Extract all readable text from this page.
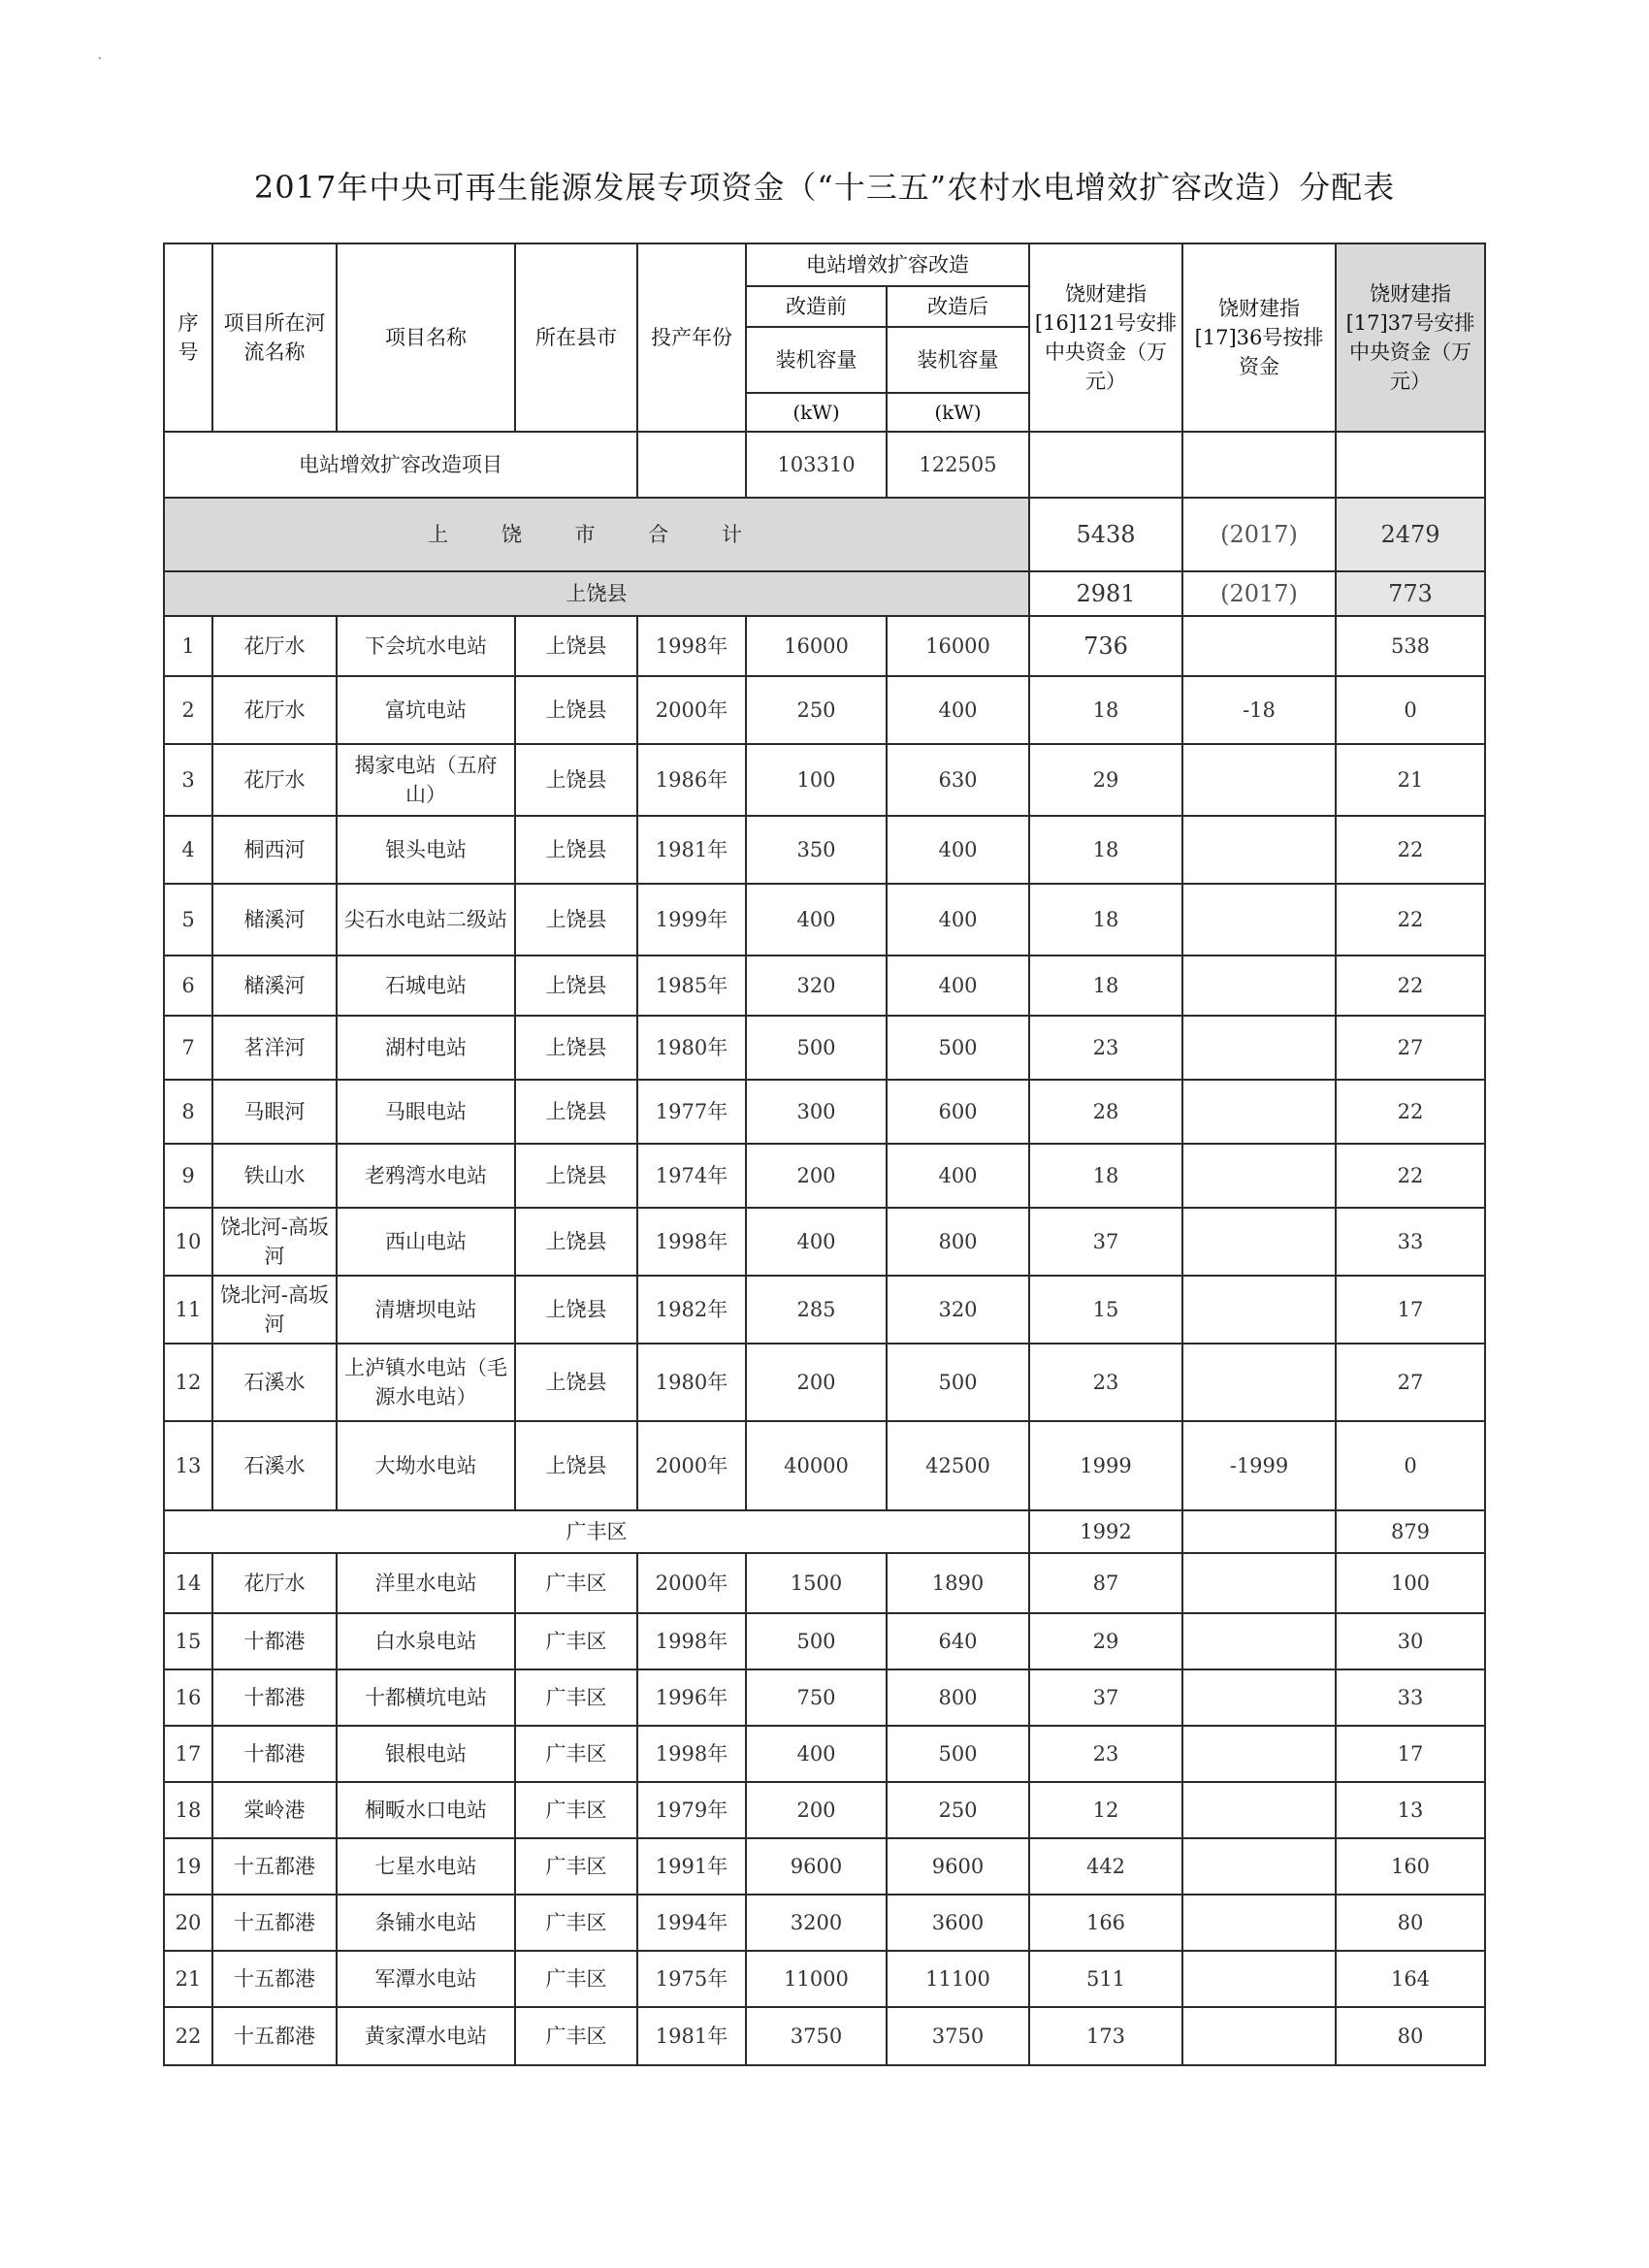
2017年中央可再生能源发展专项资金（“十三五”农村水电增效扩容改造）分配表
序号	项目所在河流名称	项目名称	所在县市	投产年份	电站增效扩容改造		饶财建指[16]121号安排中央资金（万元）	饶财建指[17]36号按排资金	饶财建指[17]37号安排中央资金（万元）
					改造前	改造后			
					装机容量	装机容量			
					(kW)	(kW)			
电站增效扩容改造项目					103310	122505			
上 饶 市 合 计							5438	(2017)	2479
上饶县							2981	(2017)	773
1	花厅水	下会坑水电站	上饶县	1998年	16000	16000	736		538
2	花厅水	富坑电站	上饶县	2000年	250	400	18	-18	0
3	花厅水	揭家电站（五府山）	上饶县	1986年	100	630	29		21
4	桐西河	银头电站	上饶县	1981年	350	400	18		22
5	槠溪河	尖石水电站二级站	上饶县	1999年	400	400	18		22
6	槠溪河	石城电站	上饶县	1985年	320	400	18		22
7	茗洋河	湖村电站	上饶县	1980年	500	500	23		27
8	马眼河	马眼电站	上饶县	1977年	300	600	28		22
9	铁山水	老鸦湾水电站	上饶县	1974年	200	400	18		22
10	饶北河-高坂河	西山电站	上饶县	1998年	400	800	37		33
11	饶北河-高坂河	清塘坝电站	上饶县	1982年	285	320	15		17
12	石溪水	上泸镇水电站（毛源水电站）	上饶县	1980年	200	500	23		27
13	石溪水	大坳水电站	上饶县	2000年	40000	42500	1999	-1999	0
广丰区							1992		879
14	花厅水	洋里水电站	广丰区	2000年	1500	1890	87		100
15	十都港	白水泉电站	广丰区	1998年	500	640	29		30
16	十都港	十都横坑电站	广丰区	1996年	750	800	37		33
17	十都港	银根电站	广丰区	1998年	400	500	23		17
18	棠岭港	桐畈水口电站	广丰区	1979年	200	250	12		13
19	十五都港	七星水电站	广丰区	1991年	9600	9600	442		160
20	十五都港	条铺水电站	广丰区	1994年	3200	3600	166		80
21	十五都港	军潭水电站	广丰区	1975年	11000	11100	511		164
22	十五都港	黄家潭水电站	广丰区	1981年	3750	3750	173		80
·
